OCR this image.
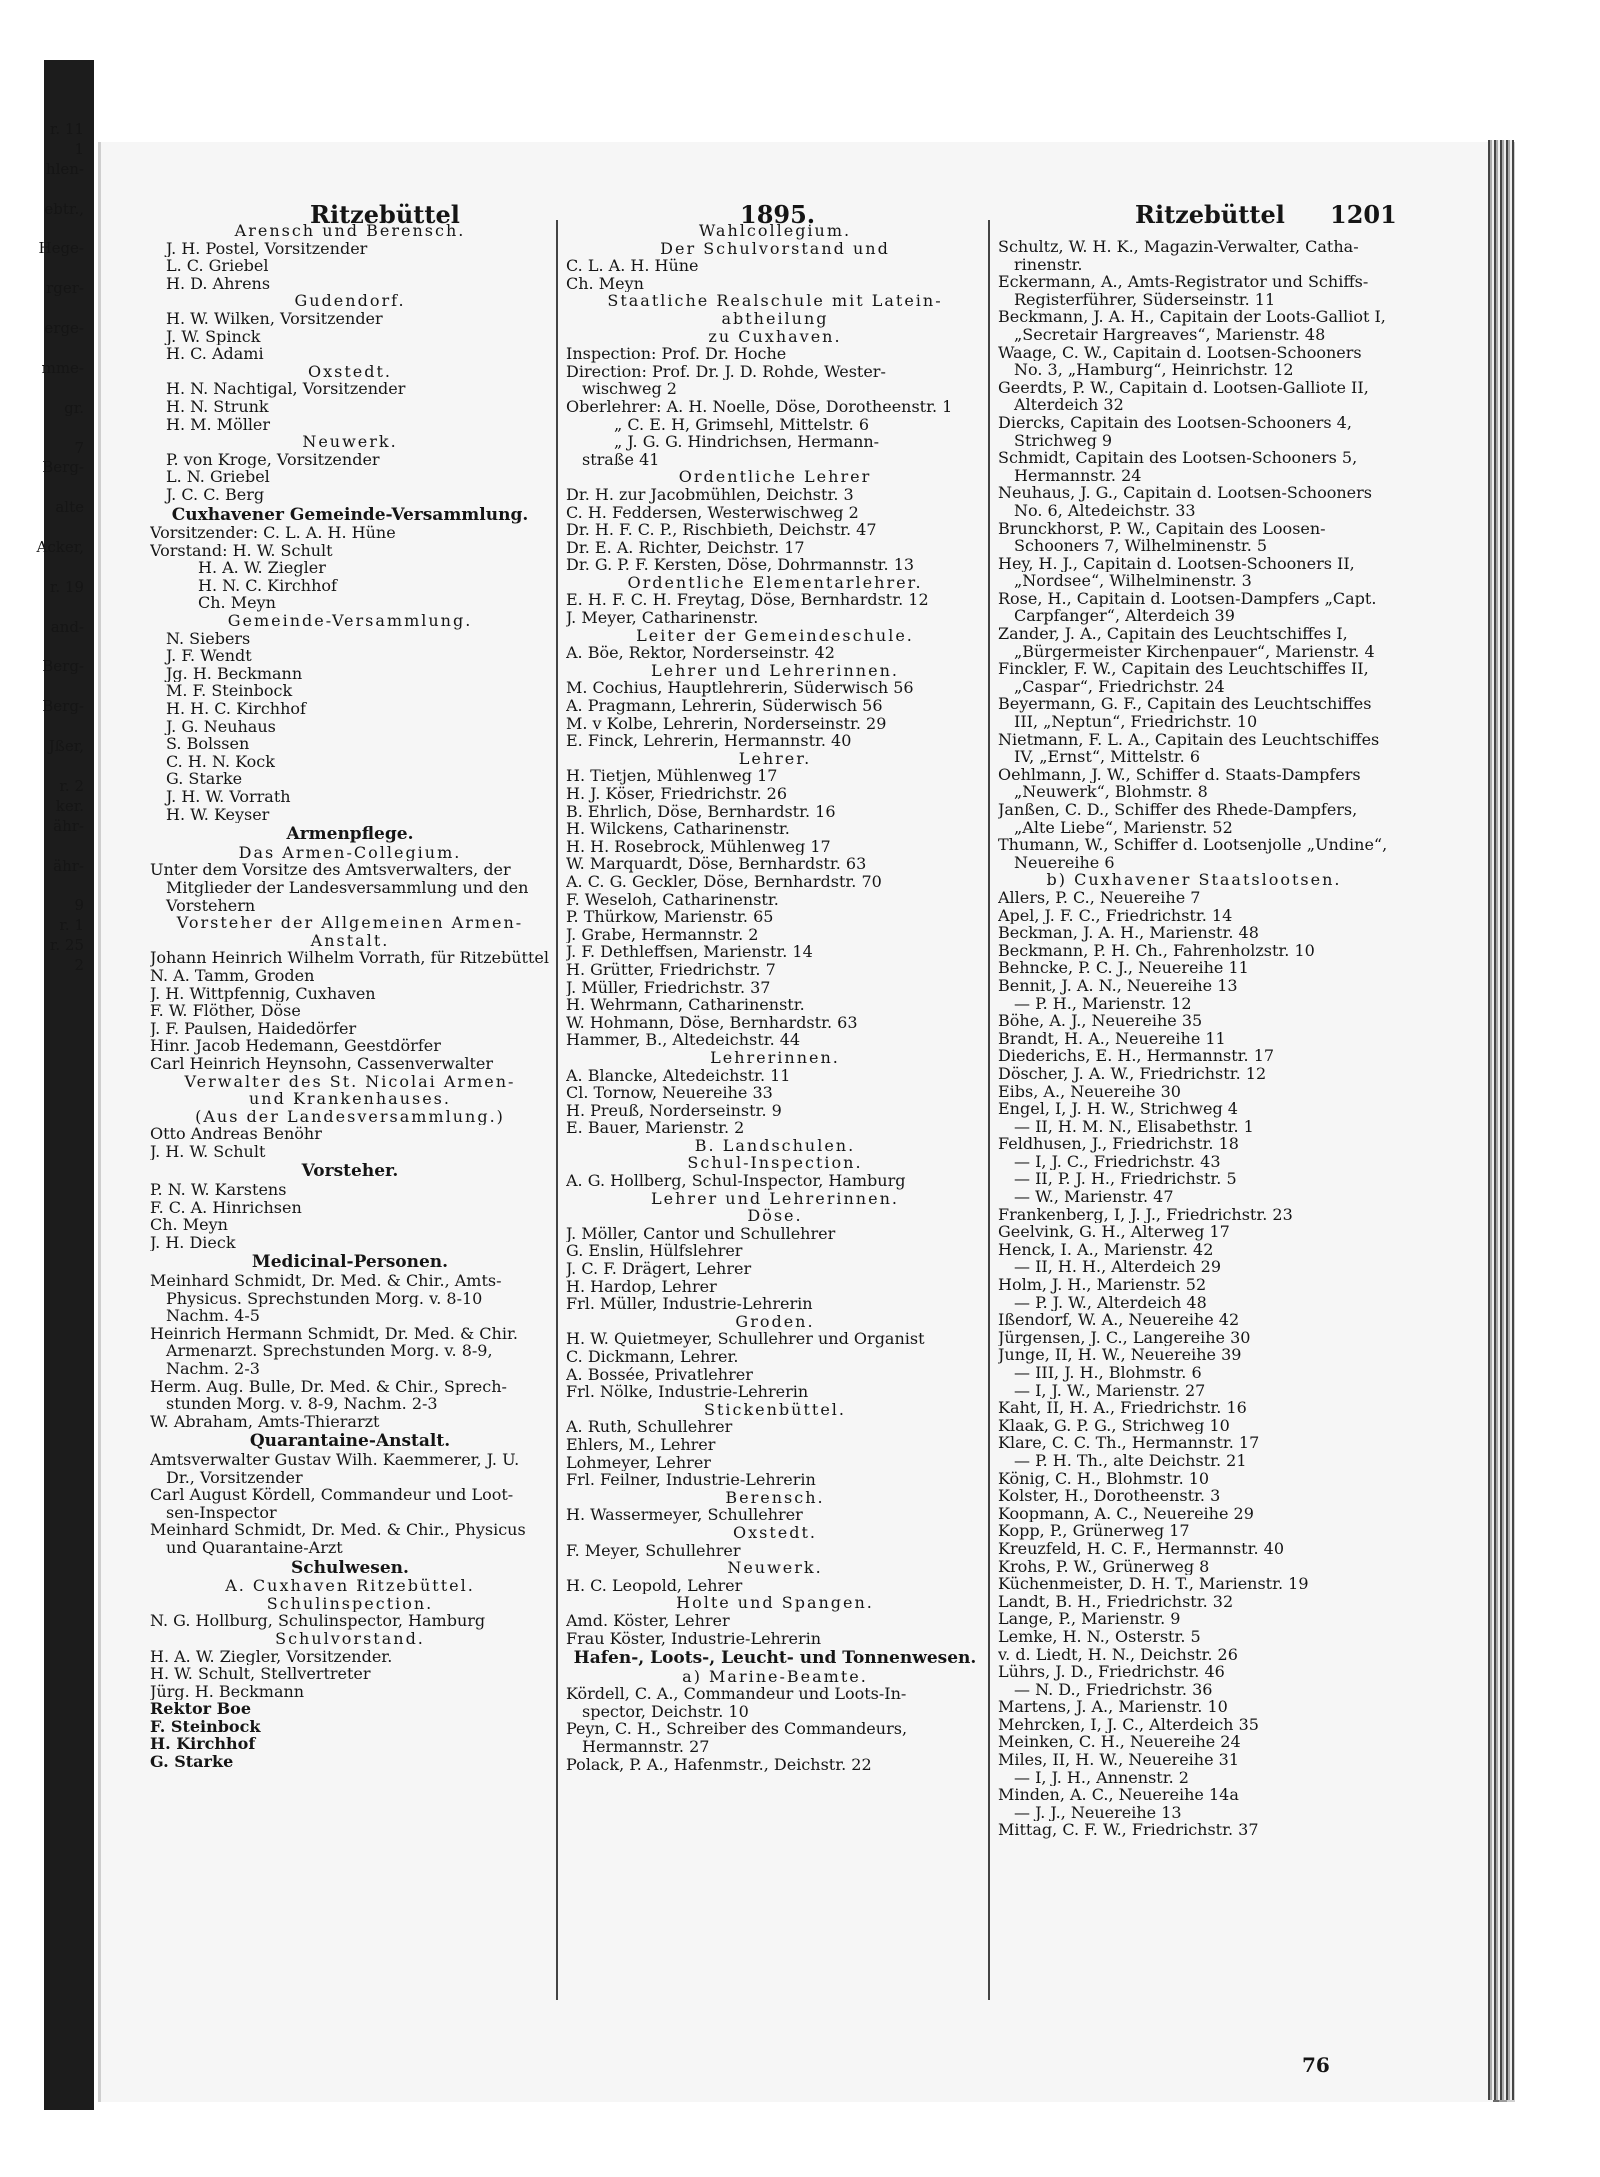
r. 11
1
hlen-

ebtr.,

Hege-

rger-

erge-

mme-

gr.

7
Berg-

alte

Acker,

r. 19

and-

Berg-

Berg-

Jßer,

r. 2
ker.
ähr-

ähr-

9
r. 1
r. 25
2
Ritzebüttel	1895.	Ritzebüttel 1201
Arensch und Berensch.
J. H. Postel, Vorsitzender
L. C. Griebel
H. D. Ahrens
Gudendorf.
H. W. Wilken, Vorsitzender
J. W. Spinck
H. C. Adami
Oxstedt.
H. N. Nachtigal, Vorsitzender
H. N. Strunk
H. M. Möller
Neuwerk.
P. von Kroge, Vorsitzender
L. N. Griebel
J. C. C. Berg
Cuxhavener Gemeinde-Versammlung.
Vorsitzender: C. L. A. H. Hüne
Vorstand: H. W. Schult
H. A. W. Ziegler
H. N. C. Kirchhof
Ch. Meyn
Gemeinde-Versammlung.
N. Siebers
J. F. Wendt
Jg. H. Beckmann
M. F. Steinbock
H. H. C. Kirchhof
J. G. Neuhaus
S. Bolssen
C. H. N. Kock
G. Starke
J. H. W. Vorrath
H. W. Keyser
Armenpflege.
Das Armen-Collegium.
Unter dem Vorsitze des Amtsverwalters, der
Mitglieder der Landesversammlung und den
Vorstehern
Vorsteher der Allgemeinen Armen-
Anstalt.
Johann Heinrich Wilhelm Vorrath, für Ritzebüttel
N. A. Tamm, Groden
J. H. Wittpfennig, Cuxhaven
F. W. Flöther, Döse
J. F. Paulsen, Haidedörfer
Hinr. Jacob Hedemann, Geestdörfer
Carl Heinrich Heynsohn, Cassenverwalter
Verwalter des St. Nicolai Armen-
und Krankenhauses.
(Aus der Landesversammlung.)
Otto Andreas Benöhr
J. H. W. Schult
Vorsteher.
P. N. W. Karstens
F. C. A. Hinrichsen
Ch. Meyn
J. H. Dieck
Medicinal-Personen.
Meinhard Schmidt, Dr. Med. & Chir., Amts-
Physicus. Sprechstunden Morg. v. 8-10
Nachm. 4-5
Heinrich Hermann Schmidt, Dr. Med. & Chir.
Armenarzt. Sprechstunden Morg. v. 8-9,
Nachm. 2-3
Herm. Aug. Bulle, Dr. Med. & Chir., Sprech-
stunden Morg. v. 8-9, Nachm. 2-3
W. Abraham, Amts-Thierarzt
Quarantaine-Anstalt.
Amtsverwalter Gustav Wilh. Kaemmerer, J. U.
Dr., Vorsitzender
Carl August Kördell, Commandeur und Loot-
sen-Inspector
Meinhard Schmidt, Dr. Med. & Chir., Physicus
und Quarantaine-Arzt
Schulwesen.
A. Cuxhaven Ritzebüttel.
Schulinspection.
N. G. Hollburg, Schulinspector, Hamburg
Schulvorstand.
H. A. W. Ziegler, Vorsitzender.
H. W. Schult, Stellvertreter
Jürg. H. Beckmann
Rektor Boe
F. Steinbock
H. Kirchhof
G. Starke
Wahlcollegium.
Der Schulvorstand und
C. L. A. H. Hüne
Ch. Meyn
Staatliche Realschule mit Latein-
abtheilung
zu Cuxhaven.
Inspection: Prof. Dr. Hoche
Direction: Prof. Dr. J. D. Rohde, Wester-
wischweg 2
Oberlehrer: A. H. Noelle, Döse, Dorotheenstr. 1
„ C. E. H, Grimsehl, Mittelstr. 6
„ J. G. G. Hindrichsen, Hermann-
straße 41
Ordentliche Lehrer
Dr. H. zur Jacobmühlen, Deichstr. 3
C. H. Feddersen, Westerwischweg 2
Dr. H. F. C. P., Rischbieth, Deichstr. 47
Dr. E. A. Richter, Deichstr. 17
Dr. G. P. F. Kersten, Döse, Dohrmannstr. 13
Ordentliche Elementarlehrer.
E. H. F. C. H. Freytag, Döse, Bernhardstr. 12
J. Meyer, Catharinenstr.
Leiter der Gemeindeschule.
A. Böe, Rektor, Norderseinstr. 42
Lehrer und Lehrerinnen.
M. Cochius, Hauptlehrerin, Süderwisch 56
A. Pragmann, Lehrerin, Süderwisch 56
M. v Kolbe, Lehrerin, Norderseinstr. 29
E. Finck, Lehrerin, Hermannstr. 40
Lehrer.
H. Tietjen, Mühlenweg 17
H. J. Köser, Friedrichstr. 26
B. Ehrlich, Döse, Bernhardstr. 16
H. Wilckens, Catharinenstr.
H. H. Rosebrock, Mühlenweg 17
W. Marquardt, Döse, Bernhardstr. 63
A. C. G. Geckler, Döse, Bernhardstr. 70
F. Weseloh, Catharinenstr.
P. Thürkow, Marienstr. 65
J. Grabe, Hermannstr. 2
J. F. Dethleffsen, Marienstr. 14
H. Grütter, Friedrichstr. 7
J. Müller, Friedrichstr. 37
H. Wehrmann, Catharinenstr.
W. Hohmann, Döse, Bernhardstr. 63
Hammer, B., Altedeichstr. 44
Lehrerinnen.
A. Blancke, Altedeichstr. 11
Cl. Tornow, Neuereihe 33
H. Preuß, Norderseinstr. 9
E. Bauer, Marienstr. 2
B. Landschulen.
Schul-Inspection.
A. G. Hollberg, Schul-Inspector, Hamburg
Lehrer und Lehrerinnen.
Döse.
J. Möller, Cantor und Schullehrer
G. Enslin, Hülfslehrer
J. C. F. Drägert, Lehrer
H. Hardop, Lehrer
Frl. Müller, Industrie-Lehrerin
Groden.
H. W. Quietmeyer, Schullehrer und Organist
C. Dickmann, Lehrer.
A. Bossée, Privatlehrer
Frl. Nölke, Industrie-Lehrerin
Stickenbüttel.
A. Ruth, Schullehrer
Ehlers, M., Lehrer
Lohmeyer, Lehrer
Frl. Feilner, Industrie-Lehrerin
Berensch.
H. Wassermeyer, Schullehrer
Oxstedt.
F. Meyer, Schullehrer
Neuwerk.
H. C. Leopold, Lehrer
Holte und Spangen.
Amd. Köster, Lehrer
Frau Köster, Industrie-Lehrerin
Hafen-, Loots-, Leucht- und Tonnenwesen.
a) Marine-Beamte.
Kördell, C. A., Commandeur und Loots-In-
spector, Deichstr. 10
Peyn, C. H., Schreiber des Commandeurs,
Hermannstr. 27
Polack, P. A., Hafenmstr., Deichstr. 22
Schultz, W. H. K., Magazin-Verwalter, Catha-
rinenstr.
Eckermann, A., Amts-Registrator und Schiffs-
Registerführer, Süderseinstr. 11
Beckmann, J. A. H., Capitain der Loots-Galliot I,
„Secretair Hargreaves“, Marienstr. 48
Waage, C. W., Capitain d. Lootsen-Schooners
No. 3, „Hamburg“, Heinrichstr. 12
Geerdts, P. W., Capitain d. Lootsen-Galliote II,
Alterdeich 32
Diercks, Capitain des Lootsen-Schooners 4,
Strichweg 9
Schmidt, Capitain des Lootsen-Schooners 5,
Hermannstr. 24
Neuhaus, J. G., Capitain d. Lootsen-Schooners
No. 6, Altedeichstr. 33
Brunckhorst, P. W., Capitain des Loosen-
Schooners 7, Wilhelminenstr. 5
Hey, H. J., Capitain d. Lootsen-Schooners II,
„Nordsee“, Wilhelminenstr. 3
Rose, H., Capitain d. Lootsen-Dampfers „Capt.
Carpfanger“, Alterdeich 39
Zander, J. A., Capitain des Leuchtschiffes I,
„Bürgermeister Kirchenpauer“, Marienstr. 4
Finckler, F. W., Capitain des Leuchtschiffes II,
„Caspar“, Friedrichstr. 24
Beyermann, G. F., Capitain des Leuchtschiffes
III, „Neptun“, Friedrichstr. 10
Nietmann, F. L. A., Capitain des Leuchtschiffes
IV, „Ernst“, Mittelstr. 6
Oehlmann, J. W., Schiffer d. Staats-Dampfers
„Neuwerk“, Blohmstr. 8
Janßen, C. D., Schiffer des Rhede-Dampfers,
„Alte Liebe“, Marienstr. 52
Thumann, W., Schiffer d. Lootsenjolle „Undine“,
Neuereihe 6
b) Cuxhavener Staatslootsen.
Allers, P. C., Neuereihe 7
Apel, J. F. C., Friedrichstr. 14
Beckman, J. A. H., Marienstr. 48
Beckmann, P. H. Ch., Fahrenholzstr. 10
Behncke, P. C. J., Neuereihe 11
Bennit, J. A. N., Neuereihe 13
— P. H., Marienstr. 12
Böhe, A. J., Neuereihe 35
Brandt, H. A., Neuereihe 11
Diederichs, E. H., Hermannstr. 17
Döscher, J. A. W., Friedrichstr. 12
Eibs, A., Neuereihe 30
Engel, I, J. H. W., Strichweg 4
— II, H. M. N., Elisabethstr. 1
Feldhusen, J., Friedrichstr. 18
— I, J. C., Friedrichstr. 43
— II, P. J. H., Friedrichstr. 5
— W., Marienstr. 47
Frankenberg, I, J. J., Friedrichstr. 23
Geelvink, G. H., Alterweg 17
Henck, I. A., Marienstr. 42
— II, H. H., Alterdeich 29
Holm, J. H., Marienstr. 52
— P. J. W., Alterdeich 48
Ißendorf, W. A., Neuereihe 42
Jürgensen, J. C., Langereihe 30
Junge, II, H. W., Neuereihe 39
— III, J. H., Blohmstr. 6
— I, J. W., Marienstr. 27
Kaht, II, H. A., Friedrichstr. 16
Klaak, G. P. G., Strichweg 10
Klare, C. C. Th., Hermannstr. 17
— P. H. Th., alte Deichstr. 21
König, C. H., Blohmstr. 10
Kolster, H., Dorotheenstr. 3
Koopmann, A. C., Neuereihe 29
Kopp, P., Grünerweg 17
Kreuzfeld, H. C. F., Hermannstr. 40
Krohs, P. W., Grünerweg 8
Küchenmeister, D. H. T., Marienstr. 19
Landt, B. H., Friedrichstr. 32
Lange, P., Marienstr. 9
Lemke, H. N., Osterstr. 5
v. d. Liedt, H. N., Deichstr. 26
Lührs, J. D., Friedrichstr. 46
— N. D., Friedrichstr. 36
Martens, J. A., Marienstr. 10
Mehrcken, I, J. C., Alterdeich 35
Meinken, C. H., Neuereihe 24
Miles, II, H. W., Neuereihe 31
— I, J. H., Annenstr. 2
Minden, A. C., Neuereihe 14a
— J. J., Neuereihe 13
Mittag, C. F. W., Friedrichstr. 37
76
